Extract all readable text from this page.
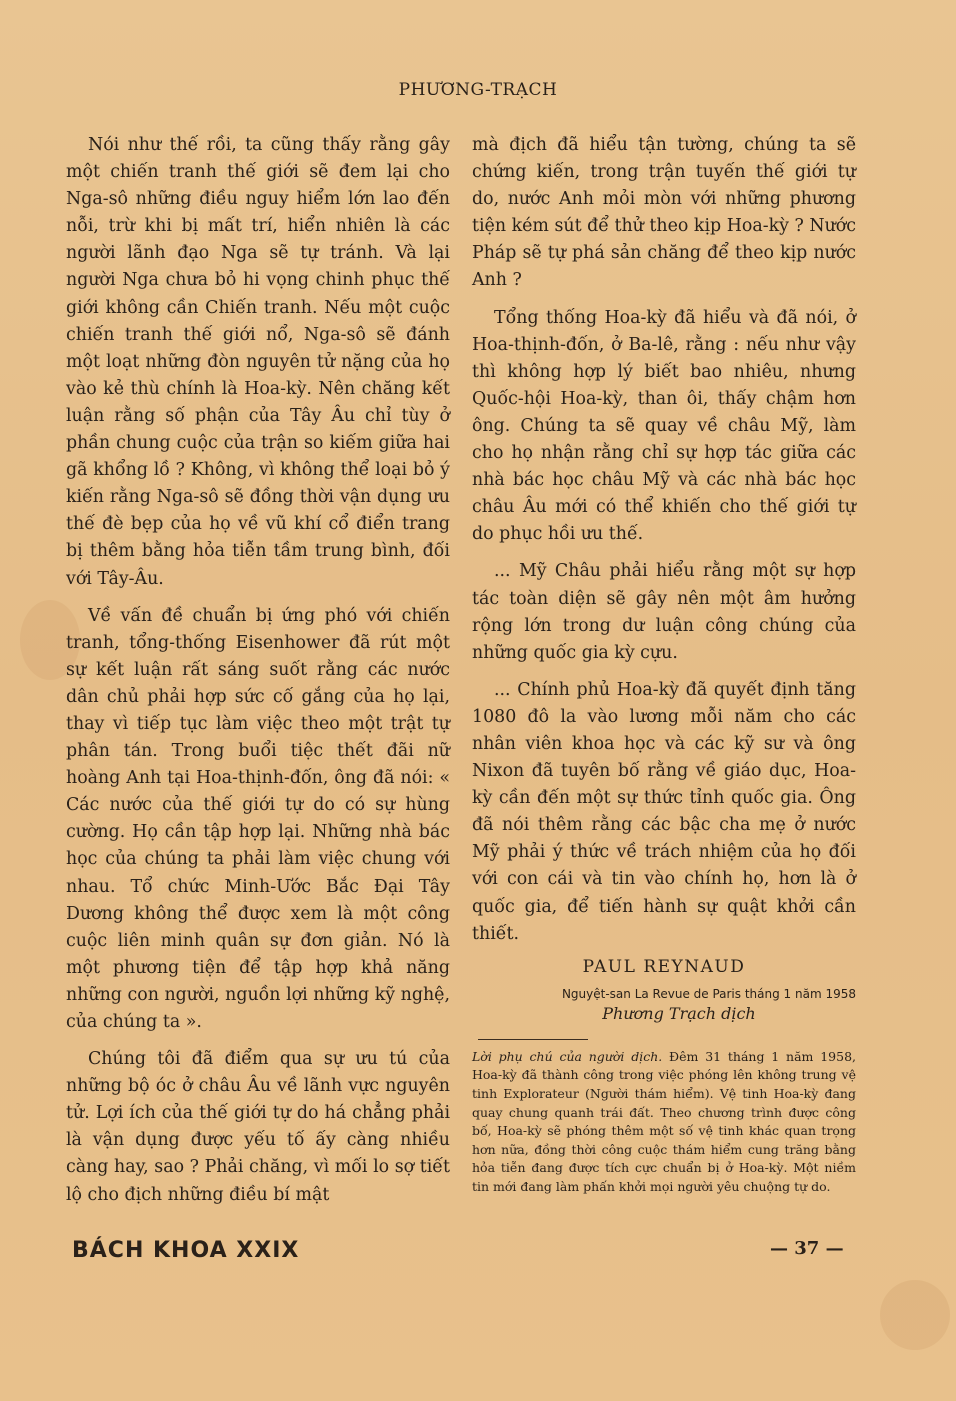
PHƯƠNG-TRẠCH

Nói như thế rồi, ta cũng thấy rằng gây một chiến tranh thế giới sẽ đem lại cho Nga-sô những điều nguy hiểm lớn lao đến nỗi, trừ khi bị mất trí, hiển nhiên là các người lãnh đạo Nga sẽ tự tránh. Và lại người Nga chưa bỏ hi vọng chinh phục thế giới không cần Chiến tranh. Nếu một cuộc chiến tranh thế giới nổ, Nga-sô sẽ đánh một loạt những đòn nguyên tử nặng của họ vào kẻ thù chính là Hoa-kỳ. Nên chăng kết luận rằng số phận của Tây Âu chỉ tùy ở phần chung cuộc của trận so kiếm giữa hai gã khổng lồ ? Không, vì không thể loại bỏ ý kiến rằng Nga-sô sẽ đồng thời vận dụng ưu thế đè bẹp của họ về vũ khí cổ điển trang bị thêm bằng hỏa tiễn tầm trung bình, đối với Tây-Âu.

Về vấn đề chuẩn bị ứng phó với chiến tranh, tổng-thống Eisenhower đã rút một sự kết luận rất sáng suốt rằng các nước dân chủ phải hợp sức cố gắng của họ lại, thay vì tiếp tục làm việc theo một trật tự phân tán. Trong buổi tiệc thết đãi nữ hoàng Anh tại Hoa-thịnh-đốn, ông đã nói: « Các nước của thế giới tự do có sự hùng cường. Họ cần tập hợp lại. Những nhà bác học của chúng ta phải làm việc chung với nhau. Tổ chức Minh-Ước Bắc Đại Tây Dương không thể được xem là một công cuộc liên minh quân sự đơn giản. Nó là một phương tiện để tập hợp khả năng những con người, nguồn lợi những kỹ nghệ, của chúng ta ».

Chúng tôi đã điểm qua sự ưu tú của những bộ óc ở châu Âu về lãnh vực nguyên tử. Lợi ích của thế giới tự do há chẳng phải là vận dụng được yếu tố ấy càng nhiều càng hay, sao ? Phải chăng, vì mối lo sợ tiết lộ cho địch những điều bí mật

mà địch đã hiểu tận tường, chúng ta sẽ chứng kiến, trong trận tuyến thế giới tự do, nước Anh mỏi mòn với những phương tiện kém sút để thử theo kịp Hoa-kỳ ? Nước Pháp sẽ tự phá sản chăng để theo kịp nước Anh ?

Tổng thống Hoa-kỳ đã hiểu và đã nói, ở Hoa-thịnh-đốn, ở Ba-lê, rằng : nếu như vậy thì không hợp lý biết bao nhiêu, nhưng Quốc-hội Hoa-kỳ, than ôi, thấy chậm hơn ông. Chúng ta sẽ quay về châu Mỹ, làm cho họ nhận rằng chỉ sự hợp tác giữa các nhà bác học châu Mỹ và các nhà bác học châu Âu mới có thể khiến cho thế giới tự do phục hồi ưu thế.

... Mỹ Châu phải hiểu rằng một sự hợp tác toàn diện sẽ gây nên một âm hưởng rộng lớn trong dư luận công chúng của những quốc gia kỳ cựu.

... Chính phủ Hoa-kỳ đã quyết định tăng 1080 đô la vào lương mỗi năm cho các nhân viên khoa học và các kỹ sư và ông Nixon đã tuyên bố rằng về giáo dục, Hoa-kỳ cần đến một sự thức tỉnh quốc gia. Ông đã nói thêm rằng các bậc cha mẹ ở nước Mỹ phải ý thức về trách nhiệm của họ đối với con cái và tin vào chính họ, hơn là ở quốc gia, để tiến hành sự quật khởi cần thiết.

PAUL REYNAUD
Nguyệt-san La Revue de Paris tháng 1 năm 1958
Phương Trạch dịch
Lời phụ chú của người dịch. Đêm 31 tháng 1 năm 1958, Hoa-kỳ đã thành công trong việc phóng lên không trung vệ tinh Explorateur (Người thám hiểm). Vệ tinh Hoa-kỳ đang quay chung quanh trái đất. Theo chương trình được công bố, Hoa-kỳ sẽ phóng thêm một số vệ tinh khác quan trọng hơn nữa, đồng thời công cuộc thám hiểm cung trăng bằng hỏa tiễn đang được tích cực chuẩn bị ở Hoa-kỳ. Một niềm tin mới đang làm phấn khởi mọi người yêu chuộng tự do.
BÁCH KHOA XXIX	— 37 —
